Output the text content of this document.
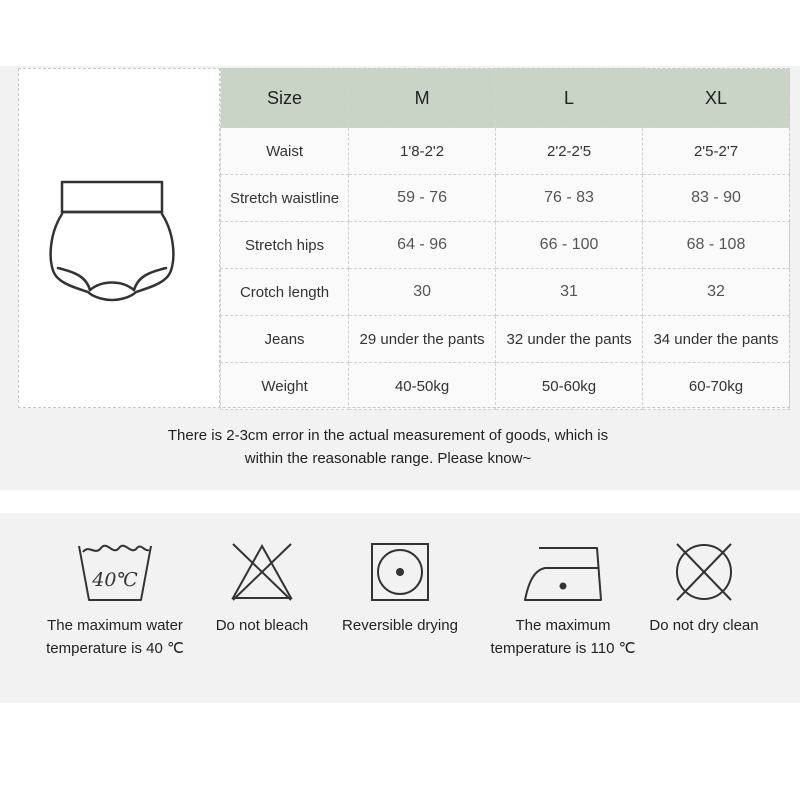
Size	M	L	XL
Waist	1'8-2'2	2'2-2'5	2'5-2'7
Stretch waistline	59 - 76	76 - 83	83 - 90
Stretch hips	64 - 96	66 - 100	68 - 108
Crotch length	30	31	32
Jeans	29 under the pants	32 under the pants	34 under the pants
Weight	40-50kg	50-60kg	60-70kg
There is 2-3cm error in the actual measurement of goods, which is
within the reasonable range. Please know~
40℃
The maximum water
temperature is 40 ℃
Do not bleach	Reversible drying	The maximum
temperature is 110 ℃
Do not dry clean
